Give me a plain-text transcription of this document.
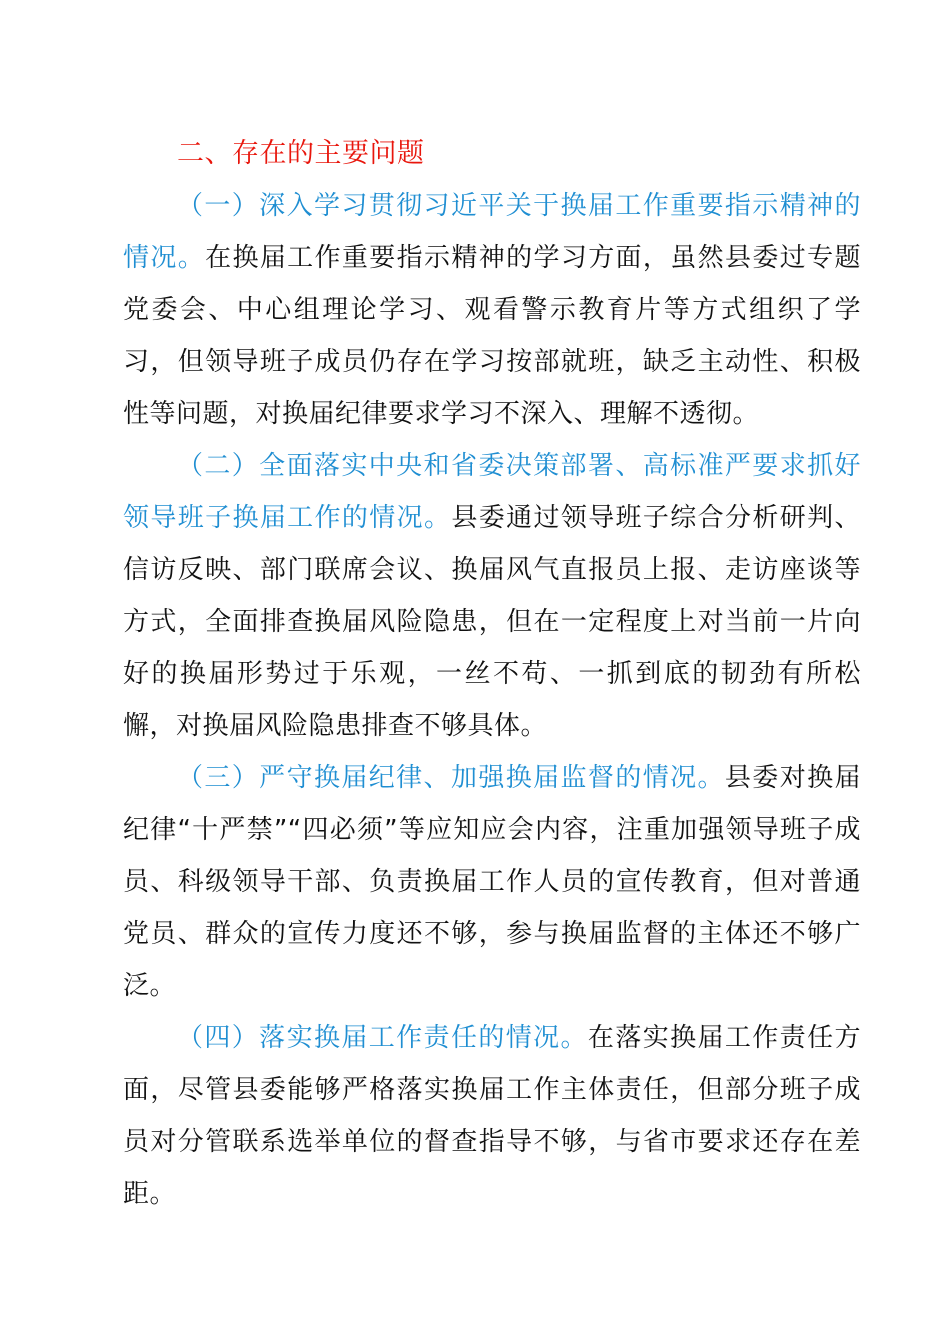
二、存在的主要问题

（一）深入学习贯彻习近平关于换届工作重要指示精神的情况。在换届工作重要指示精神的学习方面，虽然县委过专题党委会、中心组理论学习、观看警示教育片等方式组织了学习，但领导班子成员仍存在学习按部就班，缺乏主动性、积极性等问题，对换届纪律要求学习不深入、理解不透彻。

（二）全面落实中央和省委决策部署、高标准严要求抓好领导班子换届工作的情况。县委通过领导班子综合分析研判、信访反映、部门联席会议、换届风气直报员上报、走访座谈等方式，全面排查换届风险隐患，但在一定程度上对当前一片向好的换届形势过于乐观，一丝不苟、一抓到底的韧劲有所松懈，对换届风险隐患排查不够具体。

（三）严守换届纪律、加强换届监督的情况。县委对换届纪律“十严禁”“四必须”等应知应会内容，注重加强领导班子成员、科级领导干部、负责换届工作人员的宣传教育，但对普通党员、群众的宣传力度还不够，参与换届监督的主体还不够广泛。

（四）落实换届工作责任的情况。在落实换届工作责任方面，尽管县委能够严格落实换届工作主体责任，但部分班子成员对分管联系选举单位的督查指导不够，与省市要求还存在差距。
